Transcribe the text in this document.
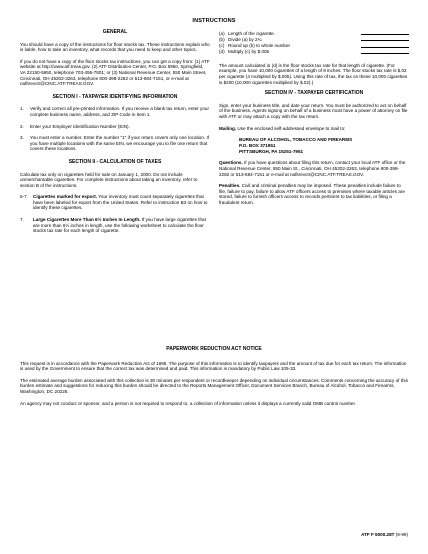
INSTRUCTIONS
GENERAL

You should have a copy of the instructions for floor stocks tax. These instructions explain who is liable, how to take an inventory, what records that you need to keep and other topics.

If you do not have a copy of the floor stocks tax instructions, you can get a copy from: (1) ATF website at http://www.atf.treas.gov. (2) ATF Distribution Center, P.O. Box 5950, Springfield, VA 22150-5950, telephone 703-455-7801; or (3) National Revenue Center, 550 Main Street, Cincinnati, OH 45202-3263, telephone 800-398-2282 or 513-684-7151, or e-mail at nafitrevctr@CINC.ATF.TREAS.GOV.

SECTION I - TAXPAYER IDENTIFYING INFORMATION
1. Verify and correct all pre-printed information. If you receive a blank tax return, enter your complete business name, address, and ZIP Code in Item 1.
2. Enter your Employer Identification Number (EIN).
3. You must enter a number. Enter the number "1" if your return covers only one location. If you have multiple locations with the same EIN, we encourage you to file one return that covers these locations.
SECTION II - CALCULATION OF TAXES

Calculate tax only on cigarettes held for sale on January 1, 2000. Do not include unmerchantable cigarettes. For complete instructions about taking an inventory, refer to section B of the instructions.

5-7. Cigarettes marked for export. Your inventory must count separately cigarettes that have been labeled for export from the United States. Refer to instruction B3 on how to identify these cigarettes.
7. Large Cigarettes More Than 6½ Inches In Length. If you have large cigarettes that are more than 6½ inches in length, use the following worksheet to calculate the floor stocks tax rate for each length of cigarette.
(a) Length of the cigarette.
(b) Divide (a) by 2¾
(c) Round up (b) to whole number
(d) Multiply (c) by $.005

The amount calculated in (d) is the floor stocks tax rate for that length of cigarette. (For example, you have 10,000 cigarettes of a length of 9 inches. The floor stocks tax rate is $.02 per cigarette (4 multiplied by $.005). Using this rate of tax, the tax on these 10,000 cigarettes is $200 (10,000 cigarettes multiplied by $.02).)

SECTION IV - TAXPAYER CERTIFICATION

Sign, enter your business title, and date your return. You must be authorized to act on behalf of the business. Agents signing on behalf of a business must have a power of attorney on file with ATF or may attach a copy with the tax return.

Mailing. Use the enclosed self-addressed envelope to mail to:

BUREAU OF ALCOHOL, TOBACCO AND FIREARMS
P.O. BOX 371951
PITTSBURGH, PA 15251-7951

Questions. If you have questions about filing this return, contact your local ATF office or the National Revenue Center, 550 Main St., Cincinnati, OH 45202-3263, telephone 800-398-2282 or 513-684-7151 or e-mail at nafitrevctr@CINC.ATF.TREAS.GOV.

Penalties. Civil and criminal penalties may be imposed. These penalties include failure to file, failure to pay, failure to allow ATF officers access to premises where taxable articles are stored, failure to furnish officers access to records pertinent to tax liabilities, or filing a fraudulent return.

PAPERWORK REDUCTION ACT NOTICE

This request is in accordance with the Paperwork Reduction Act of 1995. The purpose of this information is to identify taxpayers and the amount of tax due for each tax return. The information is used by the Government to ensure that the correct tax was determined and paid. This information is mandatory by Public Law 105-33.

The estimated average burden associated with this collection is 30 minutes per respondent or recordkeeper depending on individual circumstances. Comments concerning the accuracy of this burden estimate and suggestions for reducing this burden should be directed to the Reports Management Officer, Document Services Branch, Bureau of Alcohol, Tobacco and Firearms, Washington, DC 20226.

An agency may not conduct or sponsor, and a person is not required to respond to, a collection of information unless it displays a currently valid OMB control number.

ATF F 5000.28T (9-99)
